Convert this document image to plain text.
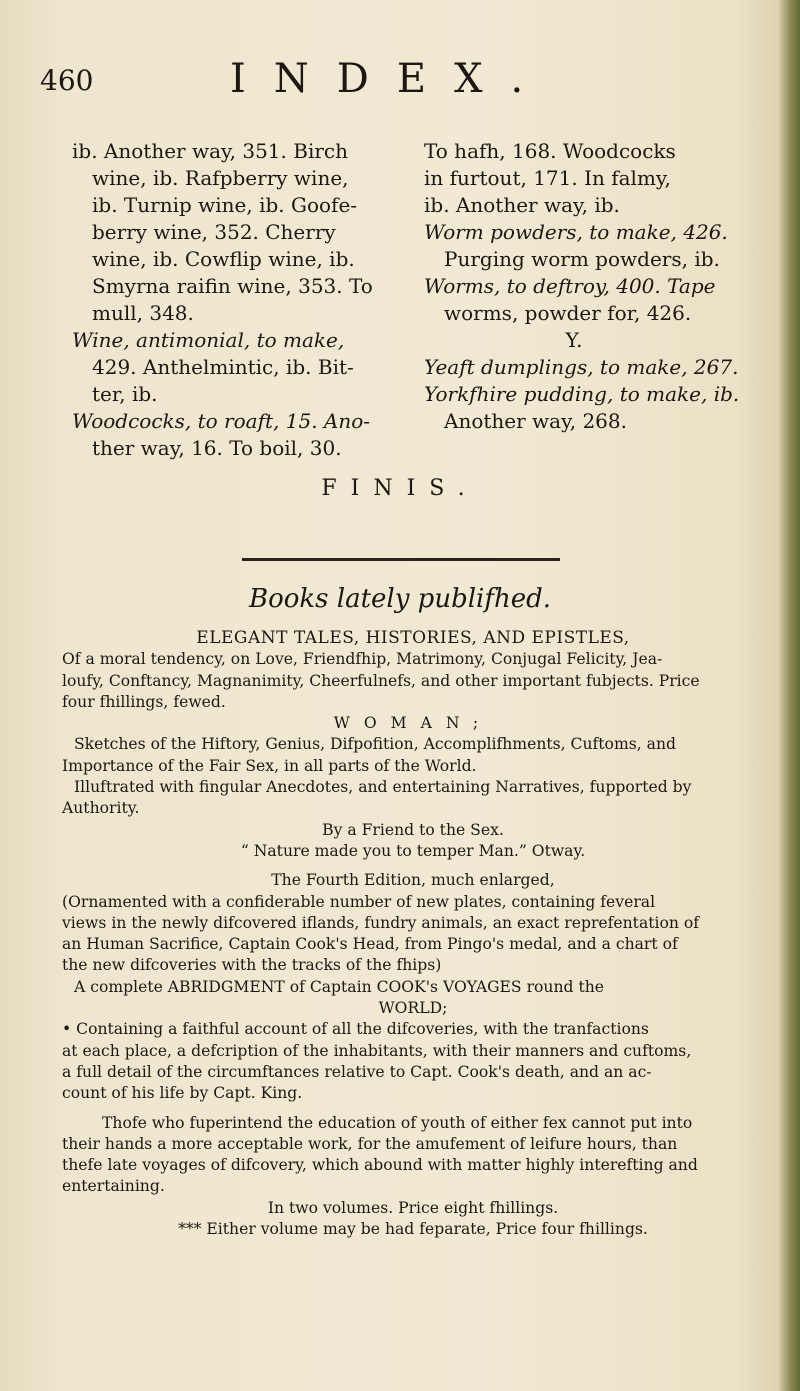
460	INDEX.
ib. Another way, 351. Birch
wine, ib. Rafpberry wine,
ib. Turnip wine, ib. Goofe-
berry wine, 352. Cherry
wine, ib. Cowflip wine, ib.
Smyrna raifin wine, 353. To
mull, 348.
Wine, antimonial, to make,
429. Anthelmintic, ib. Bit-
ter, ib.
Woodcocks, to roaft, 15. Ano-
ther way, 16. To boil, 30.
To hafh, 168. Woodcocks
in furtout, 171. In falmy,
ib. Another way, ib.
Worm powders, to make, 426.
Purging worm powders, ib.
Worms, to deftroy, 400. Tape
worms, powder for, 426.
Y.
Yeaft dumplings, to make, 267.
Yorkfhire pudding, to make, ib.
Another way, 268.
FINIS.
Books lately publifhed.
ELEGANT TALES, HISTORIES, AND EPISTLES,
Of a moral tendency, on Love, Friendfhip, Matrimony, Conjugal Felicity, Jea-
loufy, Conftancy, Magnanimity, Cheerfulnefs, and other important fubjects. Price
four fhillings, fewed.
WOMAN;
Sketches of the Hiftory, Genius, Difpofition, Accomplifhments, Cuftoms, and
Importance of the Fair Sex, in all parts of the World.
Illuftrated with fingular Anecdotes, and entertaining Narratives, fupported by
Authority.
By a Friend to the Sex.
“ Nature made you to temper Man.” Otway.
The Fourth Edition, much enlarged,
(Ornamented with a confiderable number of new plates, containing feveral
views in the newly difcovered iflands, fundry animals, an exact reprefentation of
an Human Sacrifice, Captain Cook's Head, from Pingo's medal, and a chart of
the new difcoveries with the tracks of the fhips)
A complete ABRIDGMENT of Captain COOK's VOYAGES round the
WORLD;
• Containing a faithful account of all the difcoveries, with the tranfactions
at each place, a defcription of the inhabitants, with their manners and cuftoms,
a full detail of the circumftances relative to Capt. Cook's death, and an ac-
count of his life by Capt. King.
Thofe who fuperintend the education of youth of either fex cannot put into
their hands a more acceptable work, for the amufement of leifure hours, than
thefe late voyages of difcovery, which abound with matter highly interefting and
entertaining.
In two volumes. Price eight fhillings.
*** Either volume may be had feparate, Price four fhillings.
